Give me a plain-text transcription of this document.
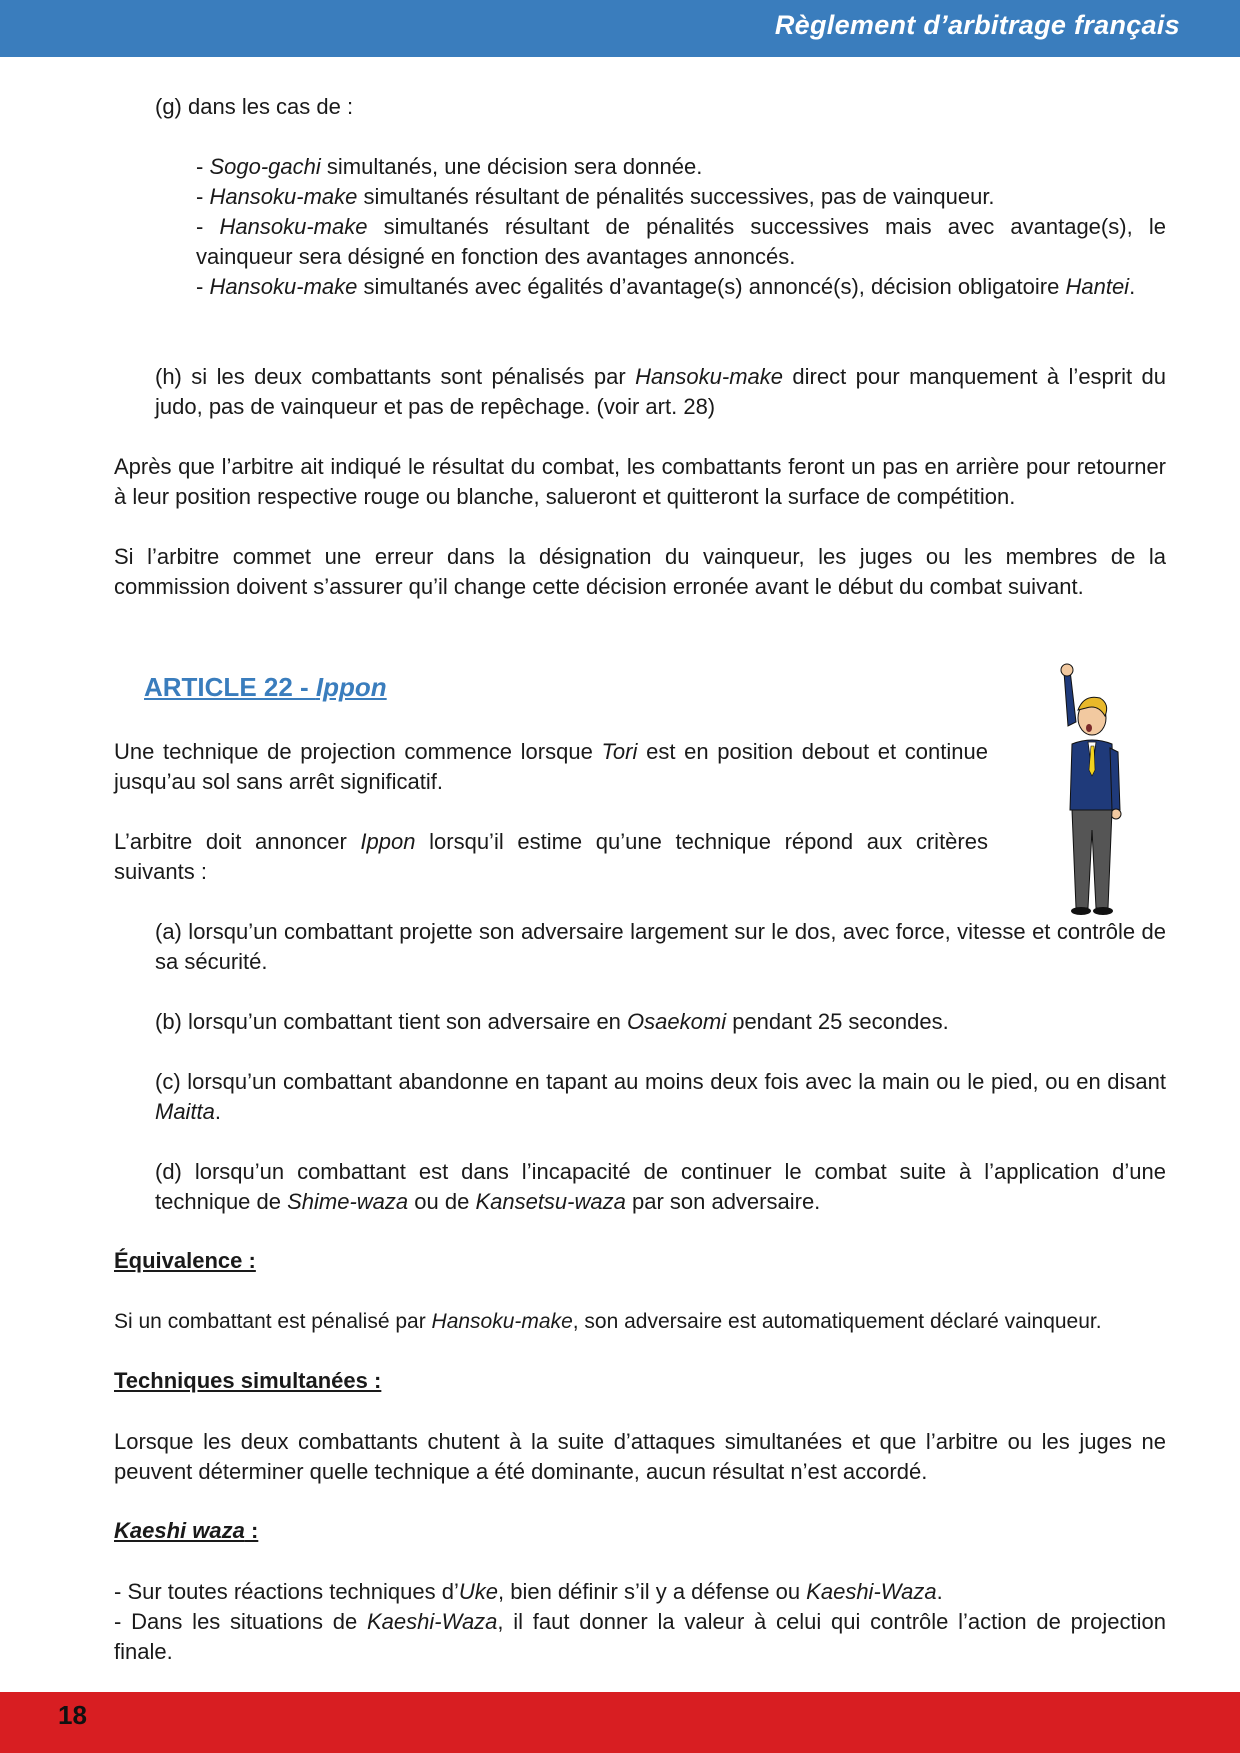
Règlement d’arbitrage français

(g) dans les cas de :

- Sogo-gachi simultanés, une décision sera donnée.

- Hansoku-make simultanés résultant de pénalités successives, pas de vainqueur.

- Hansoku-make simultanés résultant de pénalités successives mais avec avantage(s), le vainqueur sera désigné en fonction des avantages annoncés.

- Hansoku-make simultanés avec égalités d’avantage(s) annoncé(s), décision obligatoire Hantei.

(h) si les deux combattants sont pénalisés par Hansoku-make direct pour manquement à l’esprit du judo, pas de vainqueur et pas de repêchage. (voir art. 28)

Après que l’arbitre ait indiqué le résultat du combat, les combattants feront un pas en arrière pour retourner à leur position respective rouge ou blanche, salueront et quitteront la surface de compétition.

Si l’arbitre commet une erreur dans la désignation du vainqueur, les juges ou les membres de la commission doivent s’assurer qu’il change cette décision erronée avant le début du combat suivant.

ARTICLE 22 - Ippon

Une technique de projection commence lorsque Tori est en position debout et continue jusqu’au sol sans arrêt significatif.

L’arbitre doit annoncer Ippon lorsqu’il estime qu’une technique répond aux critères suivants :

(a) lorsqu’un combattant projette son adversaire largement sur le dos, avec force, vitesse et contrôle de sa sécurité.

(b) lorsqu’un combattant tient son adversaire en Osaekomi pendant 25 secondes.

(c) lorsqu’un combattant abandonne en tapant au moins deux fois avec la main ou le pied, ou en disant Maitta.

(d) lorsqu’un combattant est dans l’incapacité de continuer le combat suite à l’application d’une technique de Shime-waza ou de Kansetsu-waza par son adversaire.

Équivalence :

Si un combattant est pénalisé par Hansoku-make, son adversaire est automatiquement déclaré vainqueur.

Techniques simultanées :

Lorsque les deux combattants chutent à la suite d’attaques simultanées et que l’arbitre ou les juges ne peuvent déterminer quelle technique a été dominante, aucun résultat n’est accordé.

Kaeshi waza :

- Sur toutes réactions techniques d’Uke, bien définir s’il y a défense ou Kaeshi-Waza.

- Dans les situations de Kaeshi-Waza, il faut donner la valeur à celui qui contrôle l’action de projection finale.

18
